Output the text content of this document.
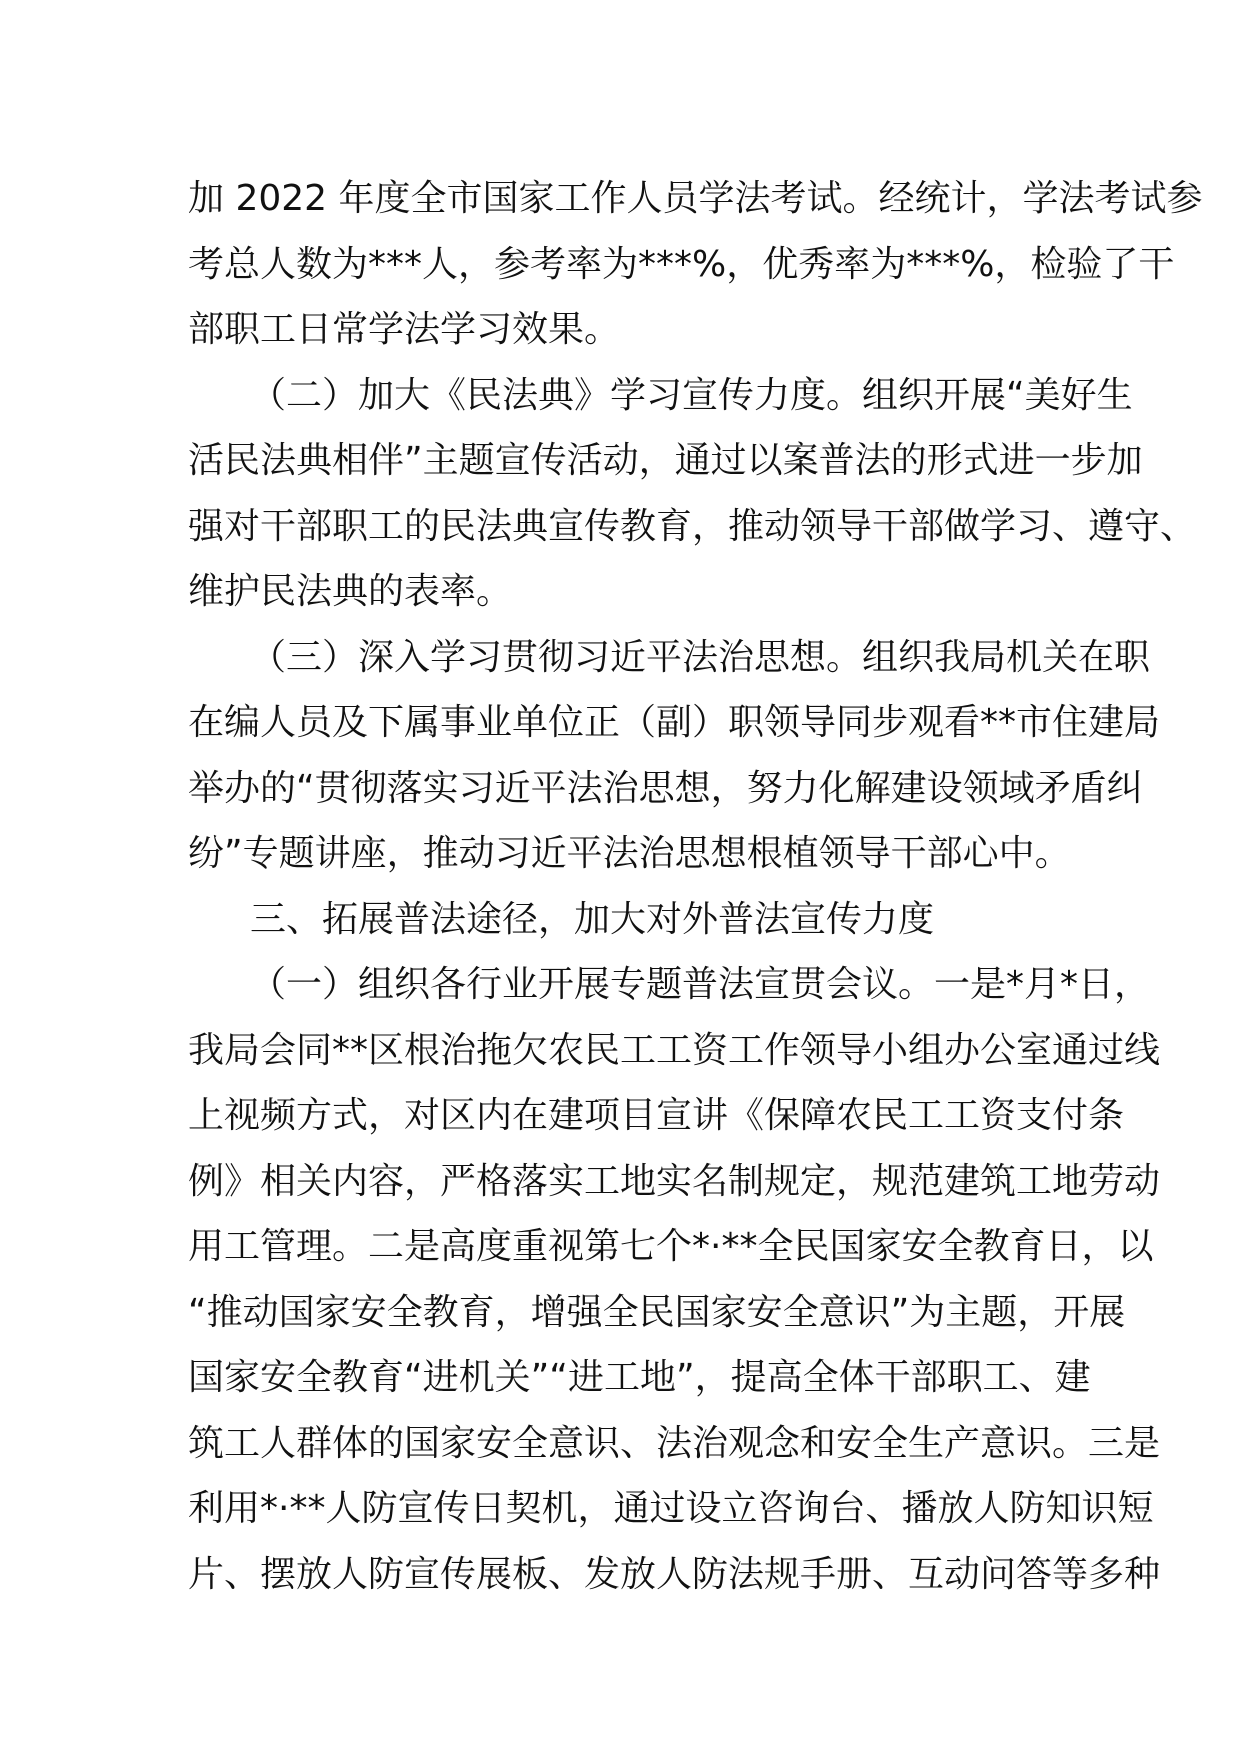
加 2022 年度全市国家工作人员学法考试。经统计，学法考试参
考总人数为***人，参考率为***%，优秀率为***%，检验了干
部职工日常学法学习效果。
（二）加大《民法典》学习宣传力度。组织开展“美好生
活民法典相伴”主题宣传活动，通过以案普法的形式进一步加
强对干部职工的民法典宣传教育，推动领导干部做学习、遵守、
维护民法典的表率。
（三）深入学习贯彻习近平法治思想。组织我局机关在职
在编人员及下属事业单位正（副）职领导同步观看**市住建局
举办的“贯彻落实习近平法治思想，努力化解建设领域矛盾纠
纷”专题讲座，推动习近平法治思想根植领导干部心中。
三、拓展普法途径，加大对外普法宣传力度
（一）组织各行业开展专题普法宣贯会议。一是*月*日，
我局会同**区根治拖欠农民工工资工作领导小组办公室通过线
上视频方式，对区内在建项目宣讲《保障农民工工资支付条
例》相关内容，严格落实工地实名制规定，规范建筑工地劳动
用工管理。二是高度重视第七个*·**全民国家安全教育日，以
“推动国家安全教育，增强全民国家安全意识”为主题，开展
国家安全教育“进机关”“进工地”，提高全体干部职工、建
筑工人群体的国家安全意识、法治观念和安全生产意识。三是
利用*·**人防宣传日契机，通过设立咨询台、播放人防知识短
片、摆放人防宣传展板、发放人防法规手册、互动问答等多种
